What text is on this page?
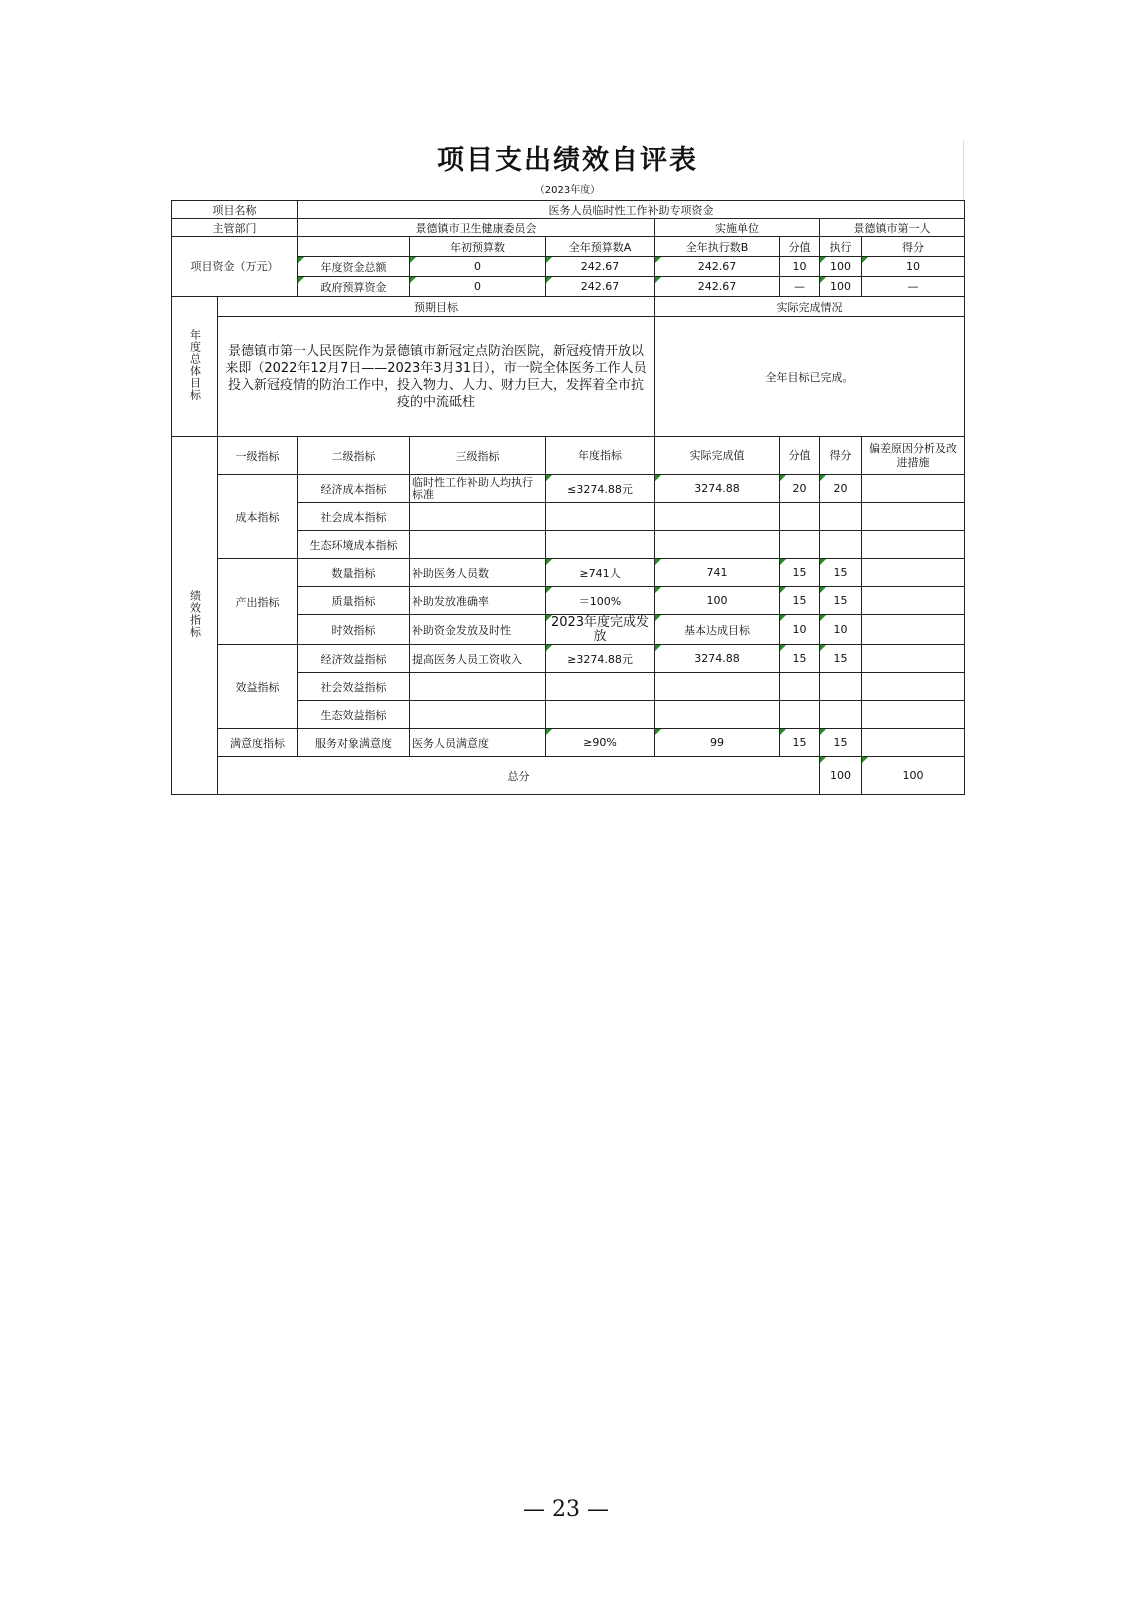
项目支出绩效自评表
（2023年度）
项目名称		医务人员临时性工作补助专项资金							
主管部门		景德镇市卫生健康委员会			实施单位		景德镇市第一人		
项目资金（万元）			年初预算数	全年预算数A	全年执行数B	分值	执行	得分	
		年度资金总额	0	242.67	242.67	10	100	10	
		政府预算资金	0	242.67	242.67	—	100	—	
年度总体目标	预期目标				实际完成情况				
	景德镇市第一人民医院作为景德镇市新冠定点防治医院，新冠疫情开放以来即（2022年12月7日——2023年3月31日），市一院全体医务工作人员投入新冠疫情的防治工作中，投入物力、人力、财力巨大，发挥着全市抗疫的中流砥柱				全年目标已完成。				
绩效指标	一级指标	二级指标	三级指标	年度指标	实际完成值	分值	得分	偏差原因分析及改进措施	
	成本指标	经济成本指标	临时性工作补助人均执行标准	≤3274.88元	3274.88	20	20		
		社会成本指标							
		生态环境成本指标							
	产出指标	数量指标	补助医务人员数	≥741人	741	15	15		
		质量指标	补助发放准确率	＝100%	100	15	15		
		时效指标	补助资金发放及时性	2023年度完成发放	基本达成目标	10	10		
	效益指标	经济效益指标	提高医务人员工资收入	≥3274.88元	3274.88	15	15		
		社会效益指标							
		生态效益指标							
	满意度指标	服务对象满意度	医务人员满意度	≥90%	99	15	15		
	总分						100	100	
— 23 —
